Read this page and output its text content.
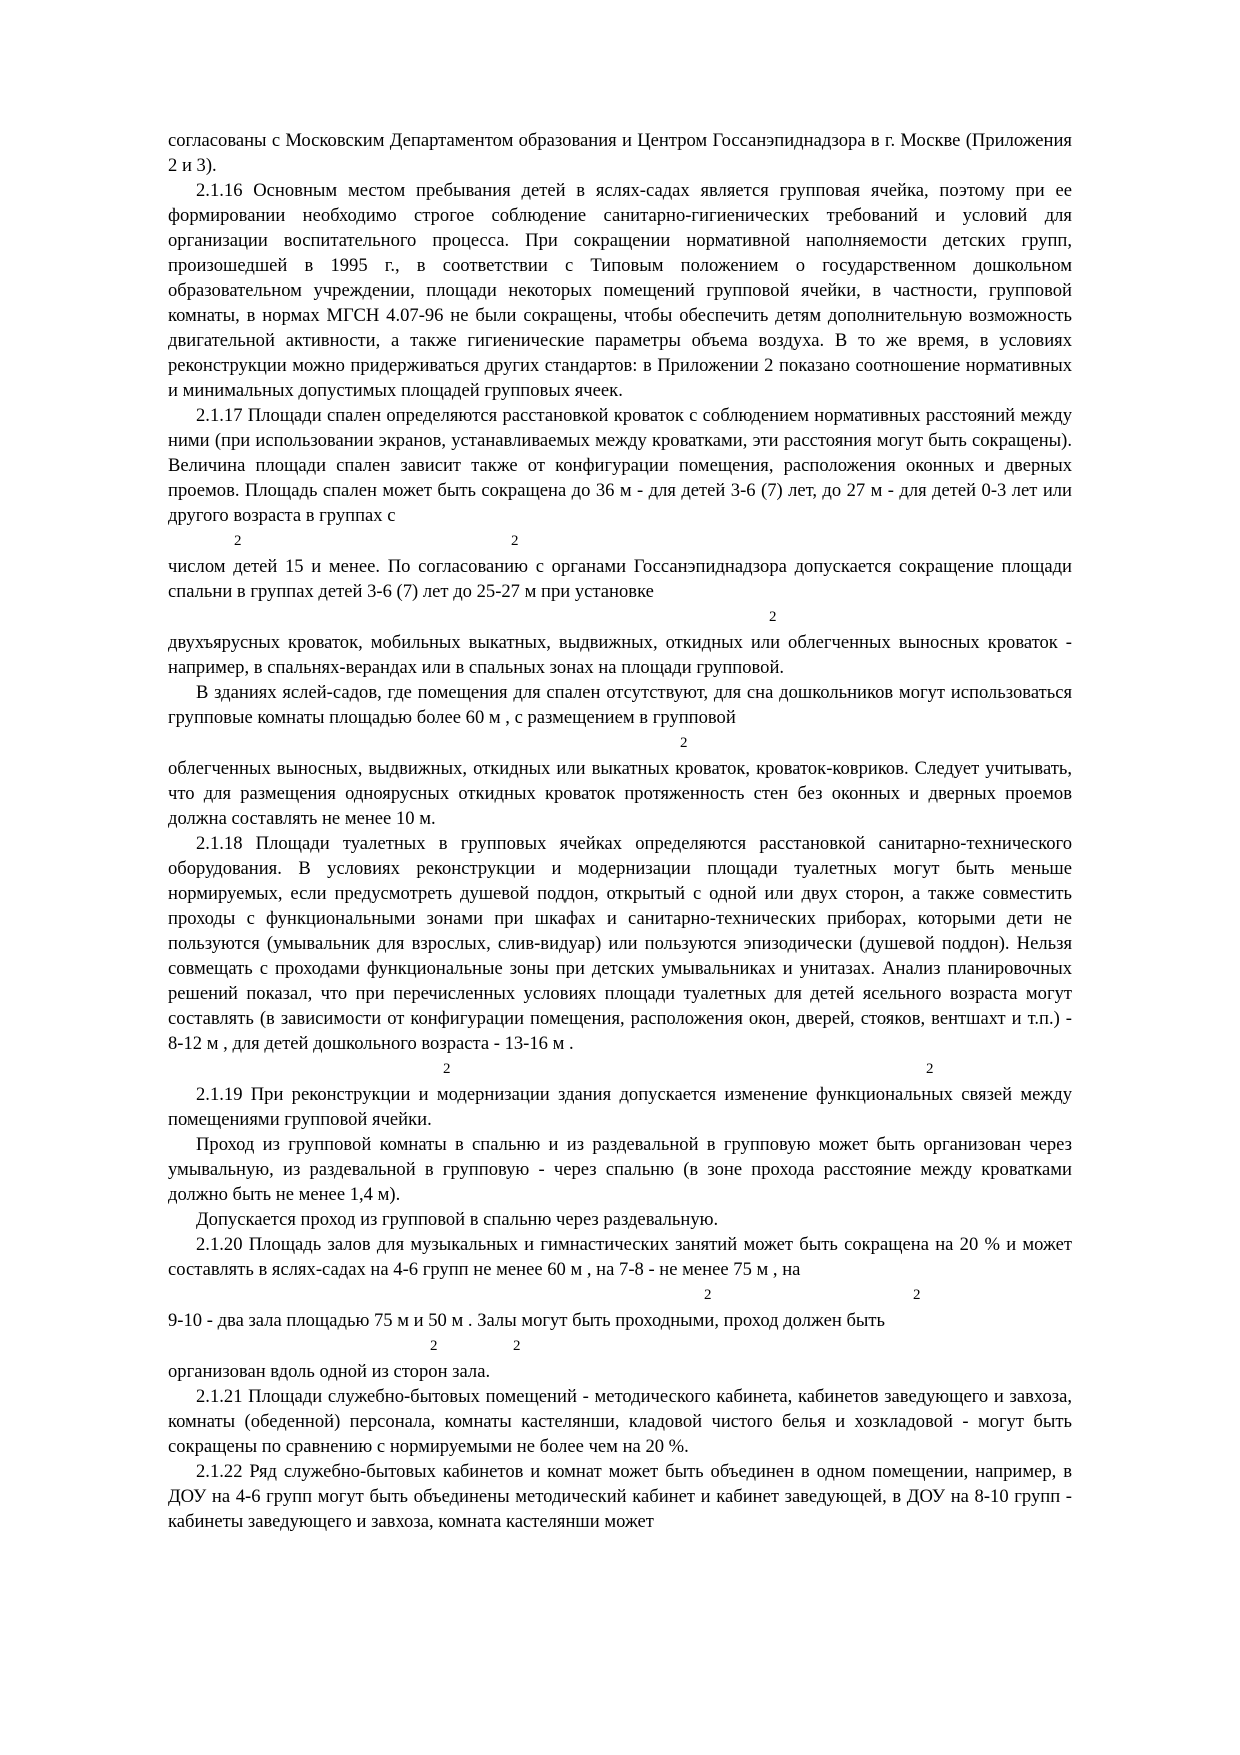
согласованы с Московским Департаментом образования и Центром Госсанэпиднадзора в г. Москве (Приложения 2 и 3).

2.1.16 Основным местом пребывания детей в яслях-садах является групповая ячейка, поэтому при ее формировании необходимо строгое соблюдение санитарно-гигиенических требований и условий для организации воспитательного процесса. При сокращении нормативной наполняемости детских групп, произошедшей в 1995 г., в соответствии с Типовым положением о государственном дошкольном образовательном учреждении, площади некоторых помещений групповой ячейки, в частности, групповой комнаты, в нормах МГСН 4.07-96 не были сокращены, чтобы обеспечить детям дополнительную возможность двигательной активности, а также гигиенические параметры объема воздуха. В то же время, в условиях реконструкции можно придерживаться других стандартов: в Приложении 2 показано соотношение нормативных и минимальных допустимых площадей групповых ячеек.

2.1.17 Площади спален определяются расстановкой кроваток с соблюдением нормативных расстояний между ними (при использовании экранов, устанавливаемых между кроватками, эти расстояния могут быть сокращены). Величина площади спален зависит также от конфигурации помещения, расположения оконных и дверных проемов. Площадь спален может быть сокращена до 36 м - для детей 3-6 (7) лет, до 27 м - для детей 0-3 лет или другого возраста в группах с

2	2

числом детей 15 и менее. По согласованию с органами Госсанэпиднадзора допускается сокращение площади спальни в группах детей 3-6 (7) лет до 25-27 м при установке

2

двухъярусных кроваток, мобильных выкатных, выдвижных, откидных или облегченных выносных кроваток - например, в спальнях-верандах или в спальных зонах на площади групповой.

В зданиях яслей-садов, где помещения для спален отсутствуют, для сна дошкольников могут использоваться групповые комнаты площадью более 60 м , с размещением в групповой

2

облегченных выносных, выдвижных, откидных или выкатных кроваток, кроваток-ковриков. Следует учитывать, что для размещения одноярусных откидных кроваток протяженность стен без оконных и дверных проемов должна составлять не менее 10 м.

2.1.18 Площади туалетных в групповых ячейках определяются расстановкой санитарно-технического оборудования. В условиях реконструкции и модернизации площади туалетных могут быть меньше нормируемых, если предусмотреть душевой поддон, открытый с одной или двух сторон, а также совместить проходы с функциональными зонами при шкафах и санитарно-технических приборах, которыми дети не пользуются (умывальник для взрослых, слив-видуар) или пользуются эпизодически (душевой поддон). Нельзя совмещать с проходами функциональные зоны при детских умывальниках и унитазах. Анализ планировочных решений показал, что при перечисленных условиях площади туалетных для детей ясельного возраста могут составлять (в зависимости от конфигурации помещения, расположения окон, дверей, стояков, вентшахт и т.п.) - 8-12 м , для детей дошкольного возраста - 13-16 м .

2	2

2.1.19 При реконструкции и модернизации здания допускается изменение функциональных связей между помещениями групповой ячейки.

Проход из групповой комнаты в спальню и из раздевальной в групповую может быть организован через умывальную, из раздевальной в групповую - через спальню (в зоне прохода расстояние между кроватками должно быть не менее 1,4 м).

Допускается проход из групповой в спальню через раздевальную.

2.1.20 Площадь залов для музыкальных и гимнастических занятий может быть сокращена на 20 % и может составлять в яслях-садах на 4-6 групп не менее 60 м , на 7-8 - не менее 75 м , на

2	2

9-10 - два зала площадью 75 м и 50 м . Залы могут быть проходными, проход должен быть

2	2

организован вдоль одной из сторон зала.

2.1.21 Площади служебно-бытовых помещений - методического кабинета, кабинетов заведующего и завхоза, комнаты (обеденной) персонала, комнаты кастелянши, кладовой чистого белья и хозкладовой - могут быть сокращены по сравнению с нормируемыми не более чем на 20 %.

2.1.22 Ряд служебно-бытовых кабинетов и комнат может быть объединен в одном помещении, например, в ДОУ на 4-6 групп могут быть объединены методический кабинет и кабинет заведующей, в ДОУ на 8-10 групп - кабинеты заведующего и завхоза, комната кастелянши может
